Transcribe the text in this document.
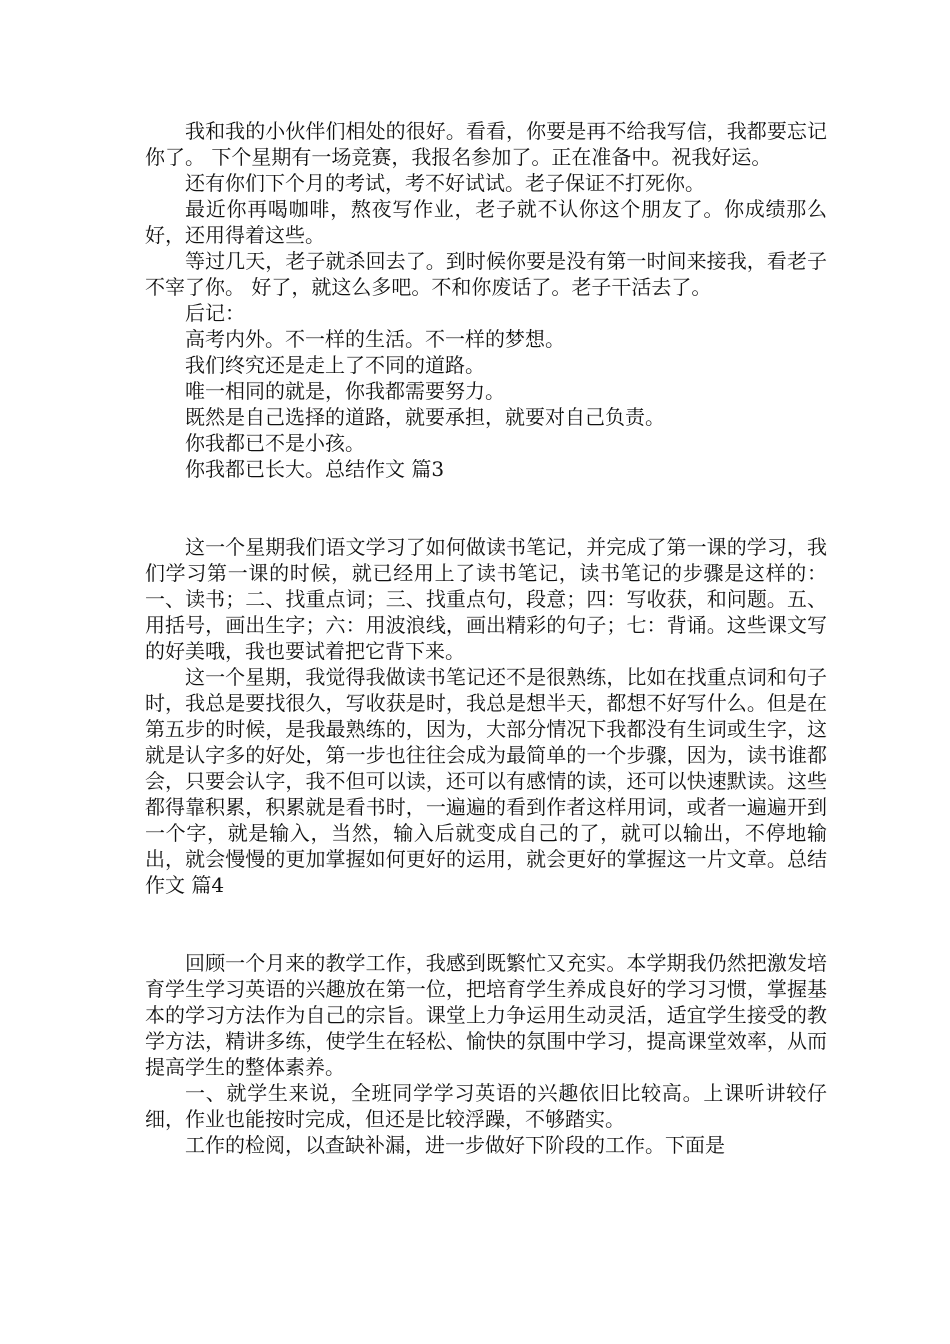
我和我的小伙伴们相处的很好。看看，你要是再不给我写信，我都要忘记你了。 下个星期有一场竞赛，我报名参加了。正在准备中。祝我好运。

还有你们下个月的考试，考不好试试。老子保证不打死你。

最近你再喝咖啡，熬夜写作业，老子就不认你这个朋友了。你成绩那么好，还用得着这些。

等过几天，老子就杀回去了。到时候你要是没有第一时间来接我，看老子不宰了你。 好了，就这么多吧。不和你废话了。老子干活去了。

后记：

高考内外。不一样的生活。不一样的梦想。

我们终究还是走上了不同的道路。

唯一相同的就是，你我都需要努力。

既然是自己选择的道路，就要承担，就要对自己负责。

你我都已不是小孩。

你我都已长大。总结作文 篇3

这一个星期我们语文学习了如何做读书笔记，并完成了第一课的学习，我们学习第一课的时候，就已经用上了读书笔记，读书笔记的步骤是这样的：一、读书；二、找重点词；三、找重点句，段意；四：写收获，和问题。五、用括号，画出生字；六：用波浪线，画出精彩的句子；七：背诵。这些课文写的好美哦，我也要试着把它背下来。

这一个星期，我觉得我做读书笔记还不是很熟练，比如在找重点词和句子时，我总是要找很久，写收获是时，我总是想半天，都想不好写什么。但是在第五步的时候，是我最熟练的，因为，大部分情况下我都没有生词或生字，这就是认字多的好处，第一步也往往会成为最简单的一个步骤，因为，读书谁都会，只要会认字，我不但可以读，还可以有感情的读，还可以快速默读。这些都得靠积累，积累就是看书时，一遍遍的看到作者这样用词，或者一遍遍开到一个字，就是输入，当然，输入后就变成自己的了，就可以输出，不停地输出，就会慢慢的更加掌握如何更好的运用，就会更好的掌握这一片文章。总结作文 篇4

回顾一个月来的教学工作，我感到既繁忙又充实。本学期我仍然把激发培育学生学习英语的兴趣放在第一位，把培育学生养成良好的学习习惯，掌握基本的学习方法作为自己的宗旨。课堂上力争运用生动灵活，适宜学生接受的教学方法，精讲多练，使学生在轻松、愉快的氛围中学习，提高课堂效率，从而提高学生的整体素养。

一、就学生来说，全班同学学习英语的兴趣依旧比较高。上课听讲较仔细，作业也能按时完成，但还是比较浮躁，不够踏实。

工作的检阅，以查缺补漏，进一步做好下阶段的工作。下面是
